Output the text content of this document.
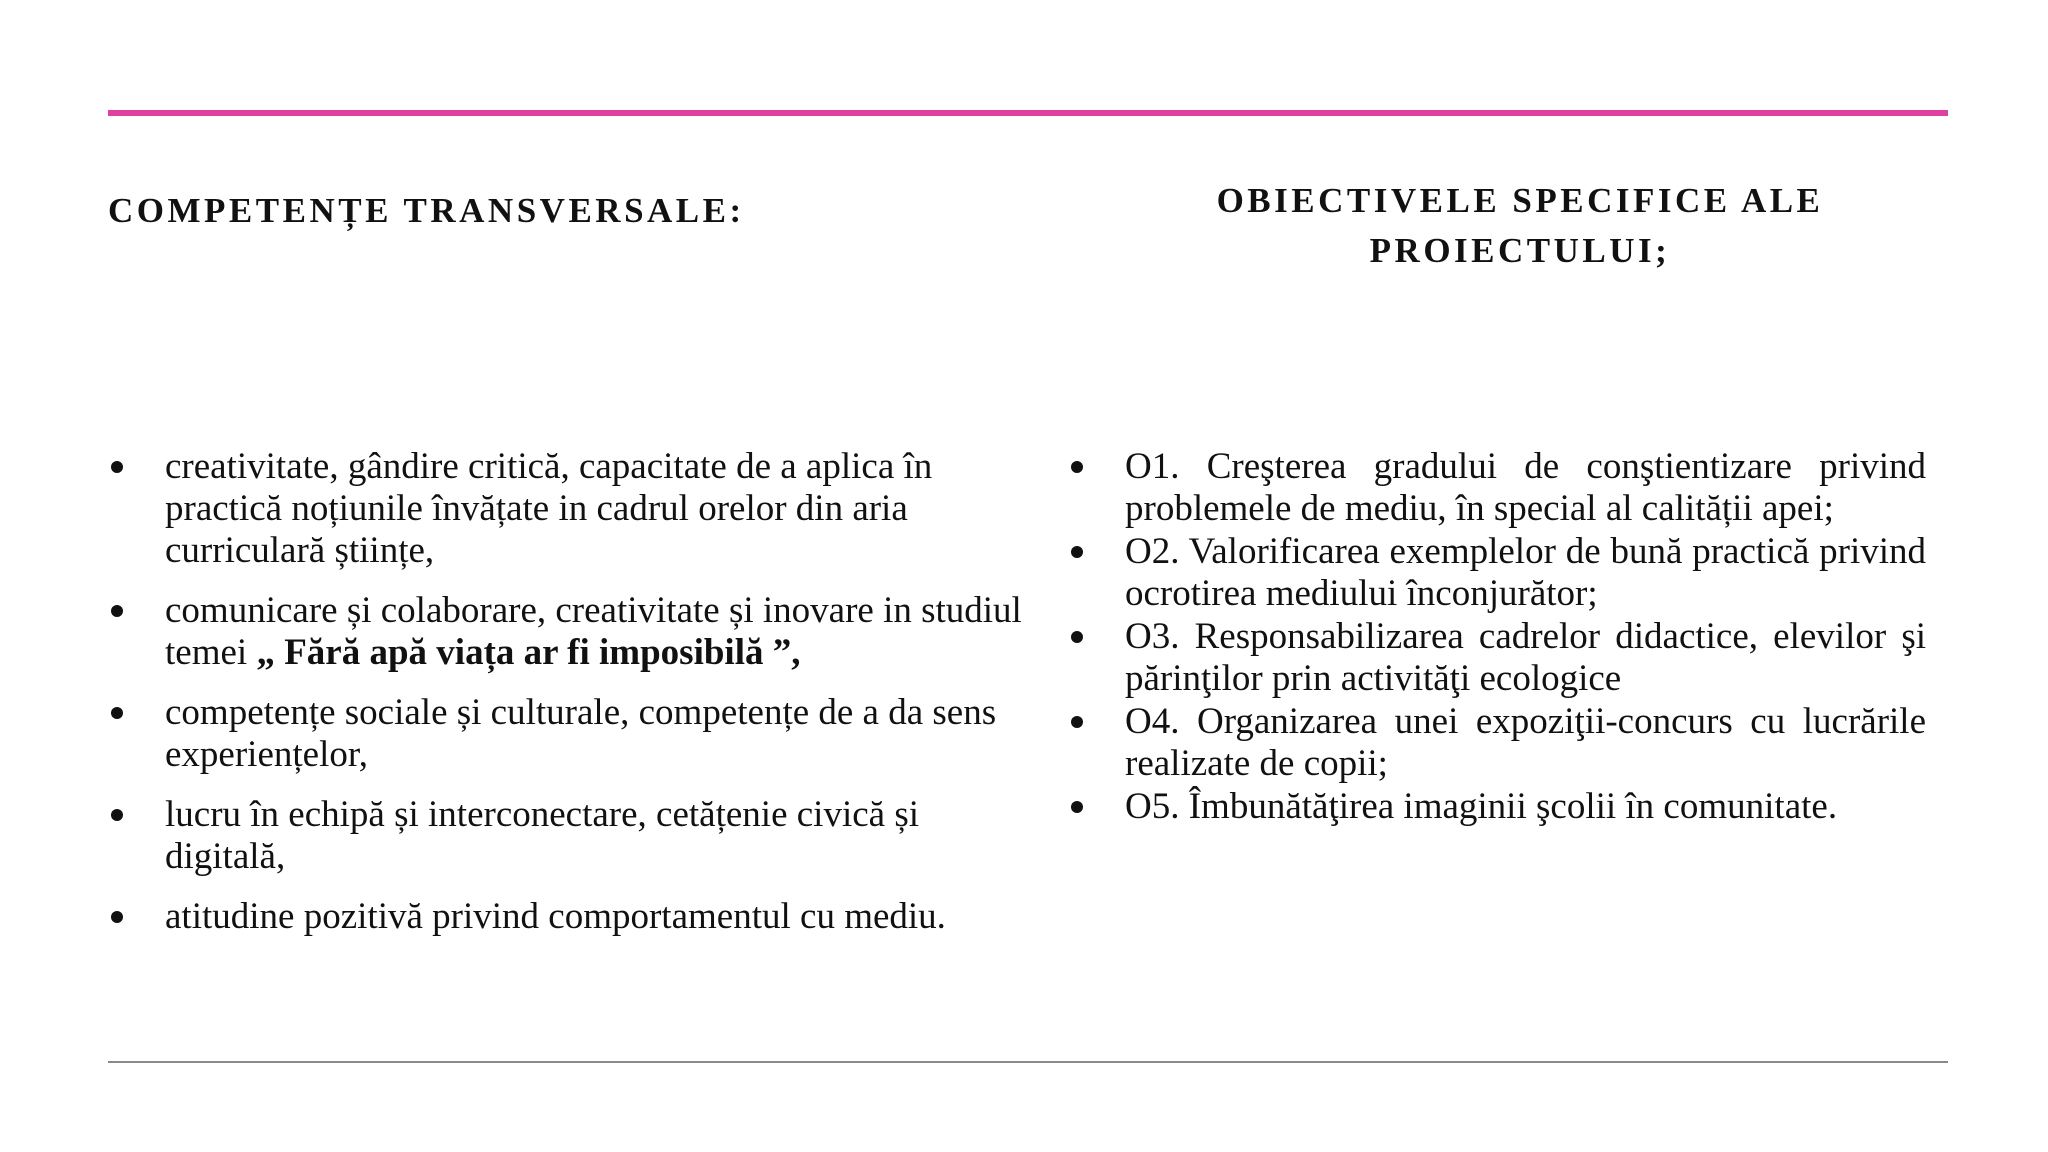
COMPETENȚE TRANSVERSALE:	OBIECTIVELE SPECIFICE ALE
PROIECTULUI;
creativitate, gândire critică, capacitate de a aplica în practică noțiunile învățate in cadrul orelor din aria curriculară științe,
comunicare și colaborare, creativitate și inovare in studiul temei „ Fără apă viața ar fi imposibilă ”,
competențe sociale și culturale, competențe de a da sens experiențelor,
lucru în echipă și interconectare, cetățenie civică și digitală,
atitudine pozitivă privind comportamentul cu mediu.
O1. Creşterea gradului de conştientizare privind problemele de mediu, în special al calității apei;
O2. Valorificarea exemplelor de bună practică privind ocrotirea mediului înconjurător;
O3. Responsabilizarea cadrelor didactice, elevilor şi părinţilor prin activităţi ecologice
O4. Organizarea unei expoziţii-concurs cu lucrările realizate de copii;
O5. Îmbunătăţirea imaginii şcolii în comunitate.
